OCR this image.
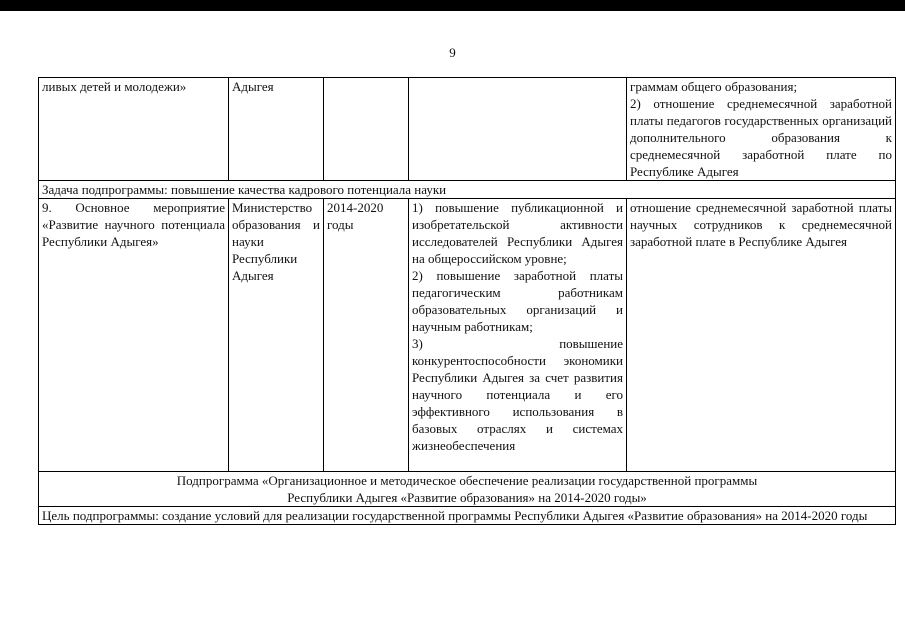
9
ливых детей и молодежи»	Адыгея			граммам общего образования;
2) отношение среднемесячной заработной платы педагогов государственных организаций дополнительного образования к среднемесячной заработной плате по Республике Адыгея

Задача подпрограммы: повышение качества кадрового потенциала науки				
9. Основное мероприятие «Развитие научного потенциала Республики Адыгея»	Министерство образования и науки Республики Адыгея	2014-2020 годы	1) повышение публикационной и изобретательской активности исследователей Республики Адыгея на общероссийском уровне;
2) повышение заработной платы педагогическим работникам образовательных организаций и научным работникам;
3) повышение конкурентоспособности экономики Республики Адыгея за счет развития научного потенциала и его эффективного использования в базовых отраслях и системах жизнеобеспечения	отношение среднемесячной заработной платы научных сотрудников к среднемесячной заработной плате в Республике Адыгея

Подпрограмма «Организационное и методическое обеспечение реализации государственной программы
Республики Адыгея «Развитие образования» на 2014-2020 годы»				

Цель подпрограммы: создание условий для реализации государственной программы Республики Адыгея «Развитие образования» на 2014-2020 годы				
